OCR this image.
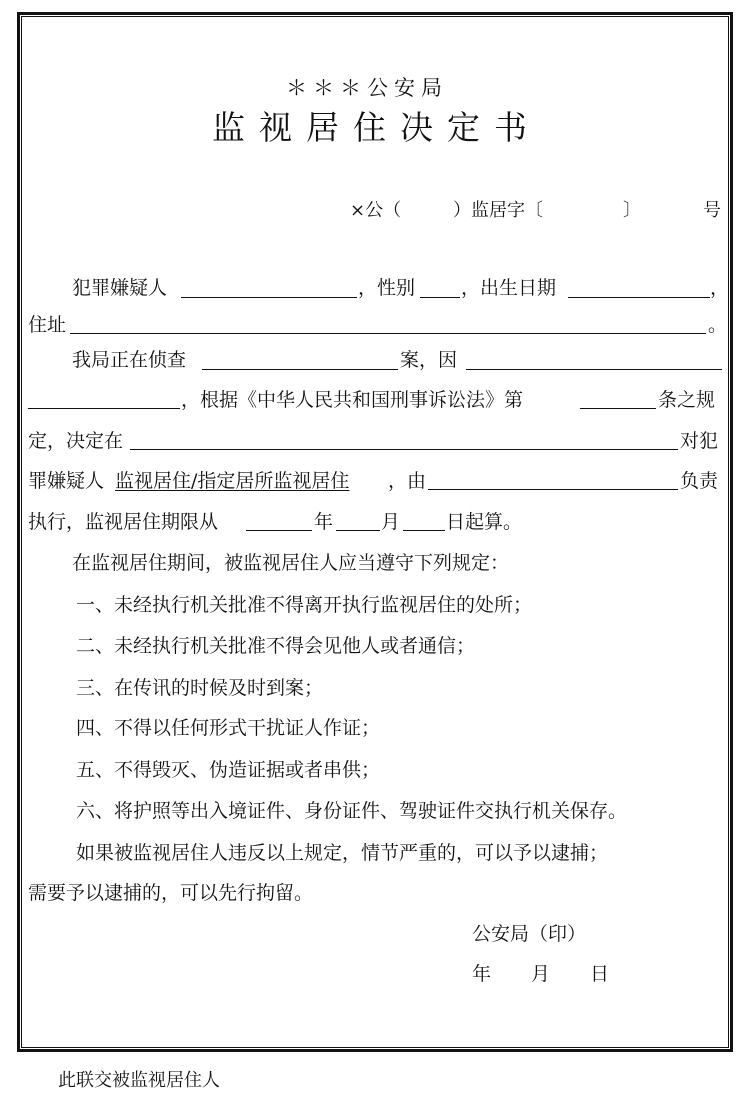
＊＊＊公安局
监视居住决定书
×公（	）监居字〔	〕	号
犯罪嫌疑人	，性别 ，出生日期	，
住址	。
我局正在侦查	案，因
，根据《中华人民共和国刑事诉讼法》第	条之规
定，决定在	对犯
罪嫌疑人 监视居住/指定居所监视居住 ，由	负责
执行，监视居住期限从	年	月 日起算。
在监视居住期间，被监视居住人应当遵守下列规定：
一、未经执行机关批准不得离开执行监视居住的处所；
二、未经执行机关批准不得会见他人或者通信；
三、在传讯的时候及时到案；
四、不得以任何形式干扰证人作证；
五、不得毁灭、伪造证据或者串供；
六、将护照等出入境证件、身份证件、驾驶证件交执行机关保存。
如果被监视居住人违反以上规定，情节严重的，可以予以逮捕；
需要予以逮捕的，可以先行拘留。
公安局（印）
年 月 日
此联交被监视居住人
